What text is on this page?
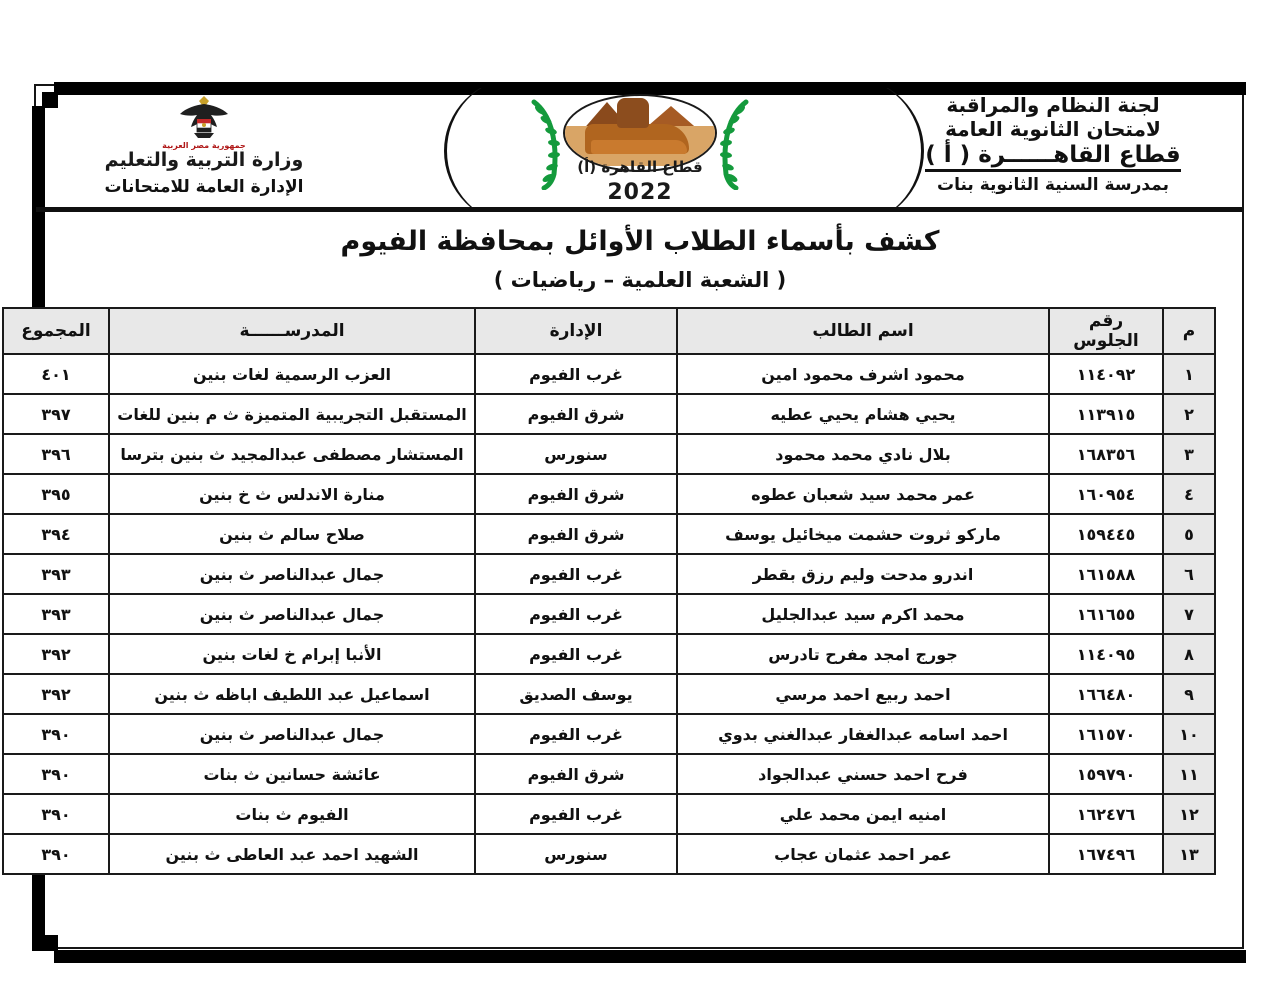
لجنة النظام والمراقبة
لامتحان الثانوية العامة
قطاع القاهــــــرة ( أ )
بمدرسة السنية الثانوية بنات
جمهورية مصر العربية
وزارة التربية والتعليم
الإدارة العامة للامتحانات
قطاع القاهرة (أ)
2022
كشف بأسماء الطلاب الأوائل بمحافظة الفيوم
( الشعبة العلمية – رياضيات )
م	رقم الجلوس	اسم الطالب	الإدارة	المدرســــــة	المجموع
١	١١٤٠٩٢	محمود اشرف محمود امين	غرب الفيوم	العزب الرسمية لغات بنين	٤٠١
٢	١١٣٩١٥	يحيي هشام يحيي عطيه	شرق الفيوم	المستقبل التجريبية المتميزة ث م بنين للغات	٣٩٧
٣	١٦٨٣٥٦	بلال نادي محمد محمود	سنورس	المستشار مصطفى عبدالمجيد ث بنين بترسا	٣٩٦
٤	١٦٠٩٥٤	عمر محمد سيد شعبان عطوه	شرق الفيوم	منارة الاندلس ث خ بنين	٣٩٥
٥	١٥٩٤٤٥	ماركو ثروت حشمت ميخائيل يوسف	شرق الفيوم	صلاح سالم ث بنين	٣٩٤
٦	١٦١٥٨٨	اندرو مدحت وليم رزق بقطر	غرب الفيوم	جمال عبدالناصر ث بنين	٣٩٣
٧	١٦١٦٥٥	محمد اكرم سيد عبدالجليل	غرب الفيوم	جمال عبدالناصر ث بنين	٣٩٣
٨	١١٤٠٩٥	جورج امجد مفرح تادرس	غرب الفيوم	الأنبا إبرام خ لغات بنين	٣٩٢
٩	١٦٦٤٨٠	احمد ربيع احمد مرسي	يوسف الصديق	اسماعيل عبد اللطيف اباظه ث بنين	٣٩٢
١٠	١٦١٥٧٠	احمد اسامه عبدالغفار عبدالغني بدوي	غرب الفيوم	جمال عبدالناصر ث بنين	٣٩٠
١١	١٥٩٧٩٠	فرح احمد حسني عبدالجواد	شرق الفيوم	عائشة حسانين ث بنات	٣٩٠
١٢	١٦٢٤٧٦	امنيه ايمن محمد علي	غرب الفيوم	الفيوم ث بنات	٣٩٠
١٣	١٦٧٤٩٦	عمر احمد عثمان عجاب	سنورس	الشهيد احمد عبد العاطى ث بنين	٣٩٠
